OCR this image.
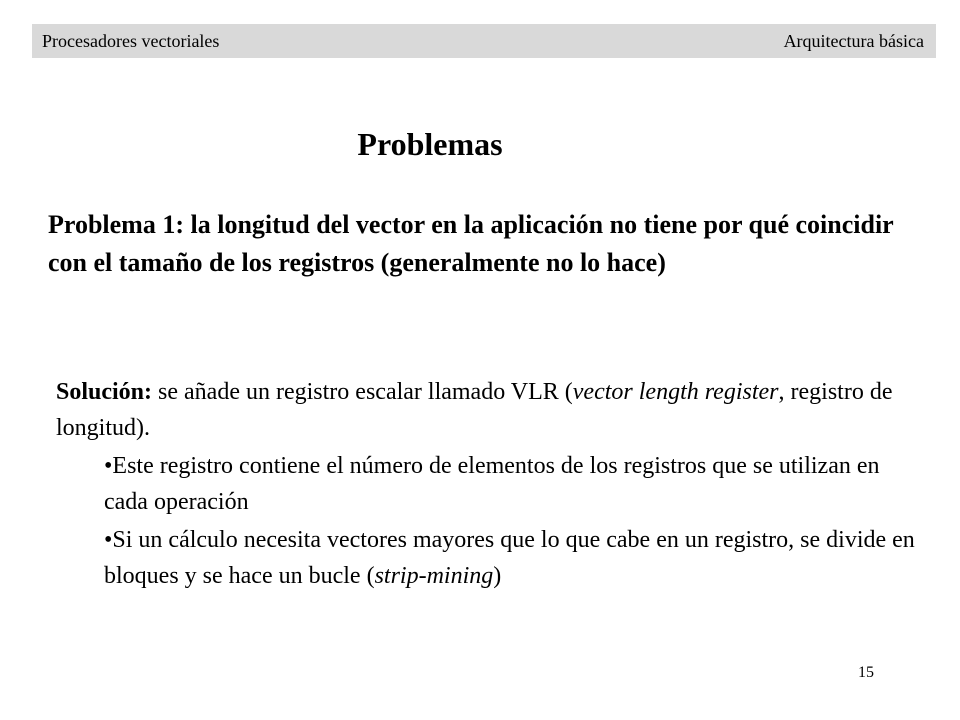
Procesadores vectoriales	Arquitectura básica
Problemas

Problema 1: la longitud del vector en la aplicación no tiene por qué coincidir con el tamaño de los registros (generalmente no lo hace)

Solución: se añade un registro escalar llamado VLR (vector length register, registro de longitud).

• Este registro contiene el número de elementos de los registros que se utilizan en cada operación
• Si un cálculo necesita vectores mayores que lo que cabe en un registro, se divide en bloques y se hace un bucle (strip-mining)
15
